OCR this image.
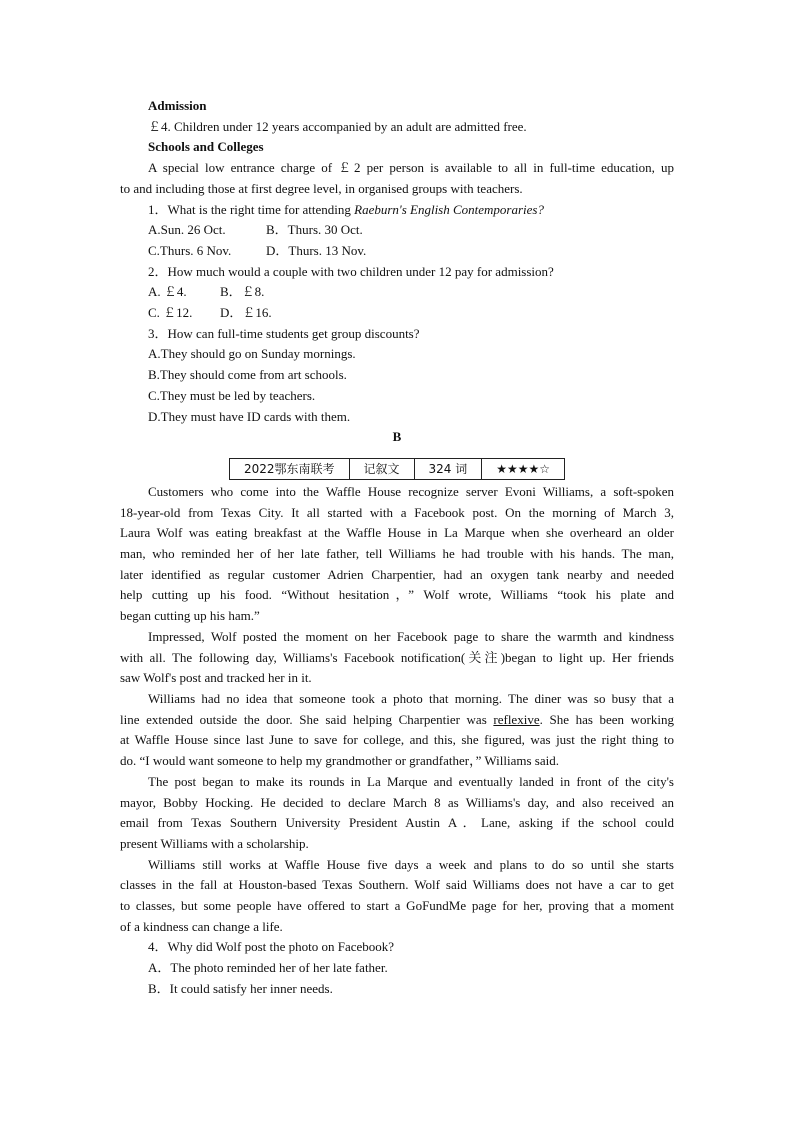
Admission
￡4. Children under 12 years accompanied by an adult are admitted free.
Schools and Colleges
A special low entrance charge of ￡2 per person is available to all in full-time education, up
to and including those at first degree level, in organised groups with teachers.
1．What is the right time for attending Raeburn's English Contemporaries?
A.Sun. 26 Oct.	B．Thurs. 30 Oct.
C.Thurs. 6 Nov.	D．Thurs. 13 Nov.
2．How much would a couple with two children under 12 pay for admission?
A. ￡4.	B．￡8.
C. ￡12. D．￡16.
3．How can full-time students get group discounts?
A.They should go on Sunday mornings.
B.They should come from art schools.
C.They must be led by teachers.
D.They must have ID cards with them.
B
2022鄂东南联考	记叙文	324 词	★★★★☆
Customers who come into the Waffle House recognize server Evoni Williams, a soft-spoken
18-year-old from Texas City. It all started with a Facebook post. On the morning of March 3,
Laura Wolf was eating breakfast at the Waffle House in La Marque when she overheard an older
man, who reminded her of her late father, tell Williams he had trouble with his hands. The man,
later identified as regular customer Adrien Charpentier, had an oxygen tank nearby and needed
help cutting up his food. “Without hesitation，” Wolf wrote, Williams “took his plate and
began cutting up his ham.”
Impressed, Wolf posted the moment on her Facebook page to share the warmth and kindness
with all. The following day, Williams's Facebook notification(关注)began to light up. Her friends
saw Wolf's post and tracked her in it.
Williams had no idea that someone took a photo that morning. The diner was so busy that a
line extended outside the door. She said helping Charpentier was reflexive. She has been working
at Waffle House since last June to save for college, and this, she figured, was just the right thing to
do. “I would want someone to help my grandmother or grandfather，” Williams said.
The post began to make its rounds in La Marque and eventually landed in front of the city's
mayor, Bobby Hocking. He decided to declare March 8 as Williams's day, and also received an
email from Texas Southern University President Austin A．Lane, asking if the school could
present Williams with a scholarship.
Williams still works at Waffle House five days a week and plans to do so until she starts
classes in the fall at Houston-based Texas Southern. Wolf said Williams does not have a car to get
to classes, but some people have offered to start a GoFundMe page for her, proving that a moment
of a kindness can change a life.
4．Why did Wolf post the photo on Facebook?
A．The photo reminded her of her late father.
B．It could satisfy her inner needs.
